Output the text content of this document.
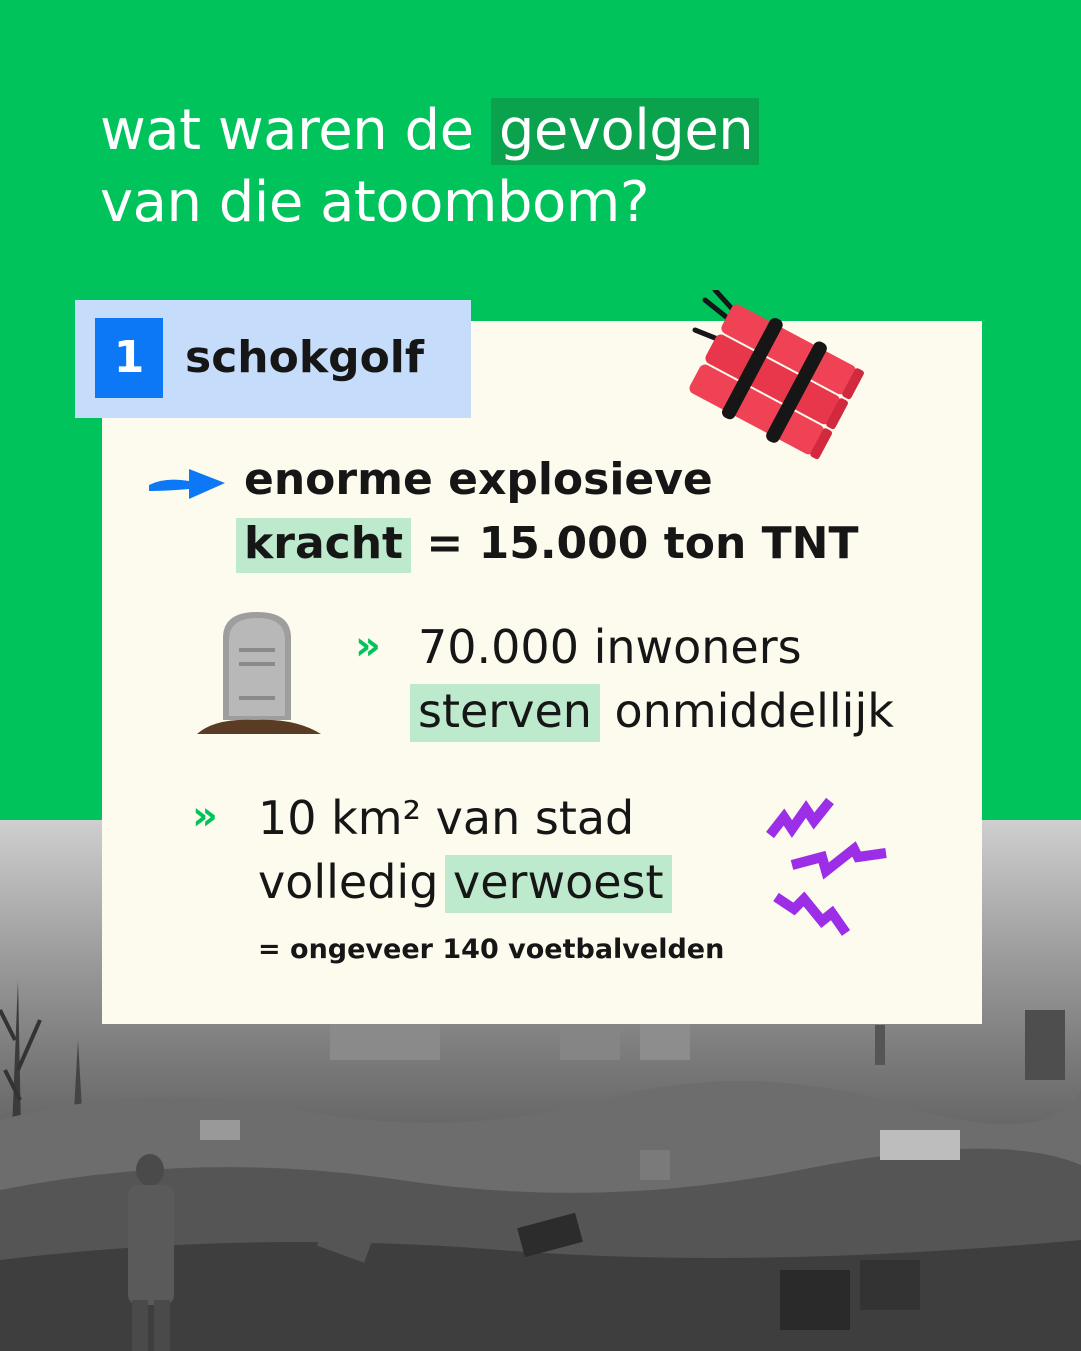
wat waren de gevolgen
van die atoombom?
1 schokgolf
enorme explosieve
kracht = 15.000 ton TNT
» 70.000 inwoners
sterven onmiddellijk
» 10 km² van stad
volledig verwoest
= ongeveer 140 voetbalvelden
